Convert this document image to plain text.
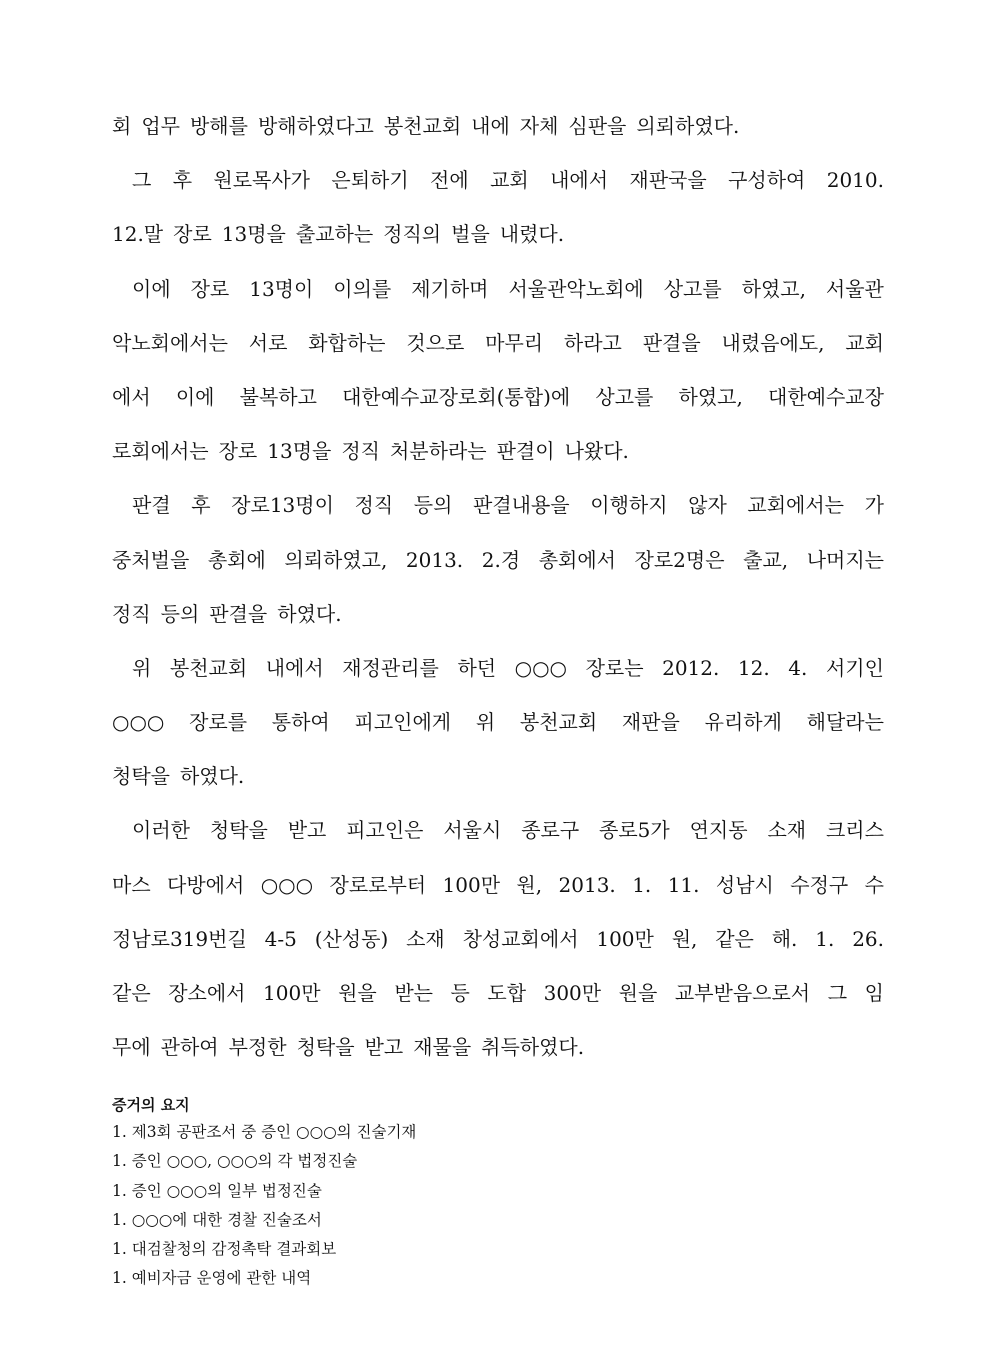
회 업무 방해를 방해하였다고 봉천교회 내에 자체 심판을 의뢰하였다.
그 후 원로목사가 은퇴하기 전에 교회 내에서 재판국을 구성하여 2010.
12.말 장로 13명을 출교하는 정직의 벌을 내렸다.
이에 장로 13명이 이의를 제기하며 서울관악노회에 상고를 하였고, 서울관
악노회에서는 서로 화합하는 것으로 마무리 하라고 판결을 내렸음에도, 교회
에서 이에 불복하고 대한예수교장로회(통합)에 상고를 하였고, 대한예수교장
로회에서는 장로 13명을 정직 처분하라는 판결이 나왔다.
판결 후 장로13명이 정직 등의 판결내용을 이행하지 않자 교회에서는 가
중처벌을 총회에 의뢰하였고, 2013. 2.경 총회에서 장로2명은 출교, 나머지는
정직 등의 판결을 하였다.
위 봉천교회 내에서 재정관리를 하던 ○○○ 장로는 2012. 12. 4. 서기인
○○○ 장로를 통하여 피고인에게 위 봉천교회 재판을 유리하게 해달라는
청탁을 하였다.
이러한 청탁을 받고 피고인은 서울시 종로구 종로5가 연지동 소재 크리스
마스 다방에서 ○○○ 장로로부터 100만 원, 2013. 1. 11. 성남시 수정구 수
정남로319번길 4-5 (산성동) 소재 창성교회에서 100만 원, 같은 해. 1. 26.
같은 장소에서 100만 원을 받는 등 도합 300만 원을 교부받음으로서 그 임
무에 관하여 부정한 청탁을 받고 재물을 취득하였다.
증거의 요지
1. 제3회 공판조서 중 증인 ○○○의 진술기재
1. 증인 ○○○, ○○○의 각 법정진술
1. 증인 ○○○의 일부 법정진술
1. ○○○에 대한 경찰 진술조서
1. 대검찰청의 감정촉탁 결과회보
1. 예비자금 운영에 관한 내역
